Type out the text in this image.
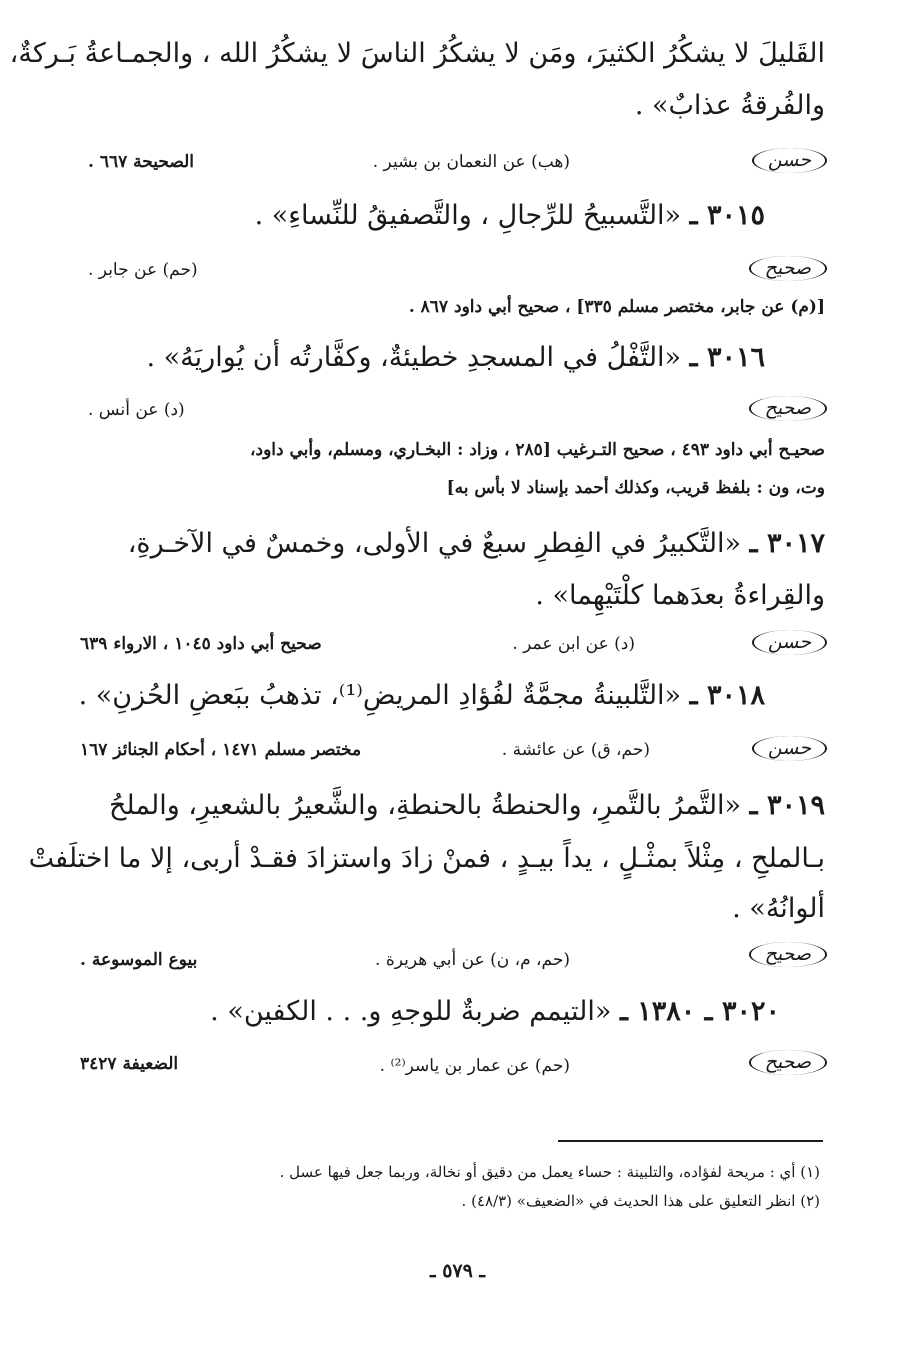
القَليلَ لا يشكُرُ الكثيرَ، ومَن لا يشكُرُ الناسَ لا يشكُرُ الله ، والجمـاعةُ بَـركةٌ،
والفُرقةُ عذابٌ» .
حسن
(هب) عن النعمان بن بشير .
الصحيحة ٦٦٧ .
٣٠١٥ ـ «التَّسبيحُ للرِّجالِ ، والتَّصفيقُ للنِّساءِ» .
صحيح
(حم) عن جابر .
[(م) عن جابر، مختصر مسلم ٣٣٥] ، صحيح أبي داود ٨٦٧ .
٣٠١٦ ـ «التَّفْلُ في المسجدِ خطيئةٌ، وكفَّارتُه أن يُواريَهُ» .
صحيح
(د) عن أنس .
صحيـح أبي داود ٤٩٣ ، صحيح التـرغيب [٢٨٥ ، وزاد : البخـاري، ومسلم، وأبي داود،
وت، ون : بلفظ قريب، وكذلك أحمد بإسناد لا بأس به]
٣٠١٧ ـ «التَّكبيرُ في الفِطرِ سبعٌ في الأولى، وخمسٌ في الآخـرةِ،
والقِراءةُ بعدَهما كلْتَيْهِما» .
حسن
(د) عن ابن عمر .
صحيح أبي داود ١٠٤٥ ، الارواء ٦٣٩
٣٠١٨ ـ «التَّلبينةُ مجمَّةٌ لفُؤادِ المريضِ⁽¹⁾، تذهبُ ببَعضِ الحُزنِ» .
حسن
(حم، ق) عن عائشة .
مختصر مسلم ١٤٧١ ، أحكام الجنائز ١٦٧
٣٠١٩ ـ «التَّمرُ بالتَّمرِ، والحنطةُ بالحنطةِ، والشَّعيرُ بالشعيرِ، والملحُ
بـالملحِ ، مِثْلاً بمثْـلٍ ، يداً بيـدٍ ، فمنْ زادَ واستزادَ فقـدْ أربى، إلا ما اختلَفتْ
ألوانُهُ» .
صحيح
(حم، م، ن) عن أبي هريرة .
بيوع الموسوعة .
٣٠٢٠ ـ ١٣٨٠ ـ «التيمم ضربةٌ للوجهِ و. . . الكفين» .
صحيح
(حم) عن عمار بن ياسر⁽²⁾ .
الضعيفة ٣٤٢٧
(١) أي : مريحة لفؤاده، والتلبينة : حساء يعمل من دقيق أو نخالة، وربما جعل فيها عسل .
(٢) انظر التعليق على هذا الحديث في «الضعيف» (٤٨/٣) .
ـ ٥٧٩ ـ
